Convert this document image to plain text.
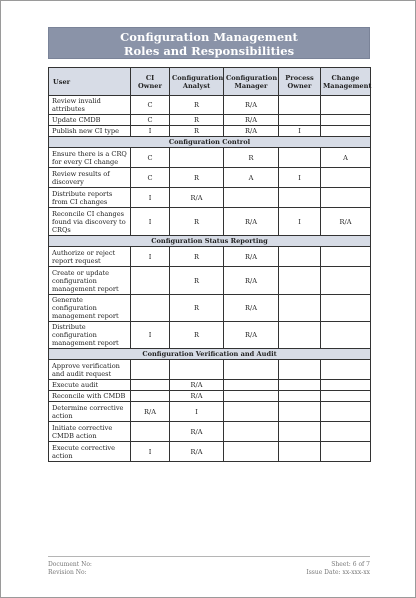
Configuration Management
Roles and Responsibilities
User	CI Owner	Configuration Analyst	Configuration Manager	Process Owner	Change Management
Review invalid attributes	C	R	R/A		
Update CMDB	C	R	R/A		
Publish new CI type	I	R	R/A	I	
Configuration Control					
Ensure there is a CRQ for every CI change	C		R		A
Review results of discovery	C	R	A	I	
Distribute reports from CI changes	I	R/A			
Reconcile CI changes found via discovery to CRQs	I	R	R/A	I	R/A
Configuration Status Reporting					
Authorize or reject report request	I	R	R/A		
Create or update configuration management report		R	R/A		
Generate configuration management report		R	R/A		
Distribute configuration management report	I	R	R/A		
Configuration Verification and Audit					
Approve verification and audit request					
Execute audit		R/A			
Reconcile with CMDB		R/A			
Determine corrective action	R/A	I			
Initiate corrective CMDB action		R/A			
Execute corrective action	I	R/A			
Document No:	Sheet: 6 of 7
Revision No:	Issue Date: xx-xxx-xx
